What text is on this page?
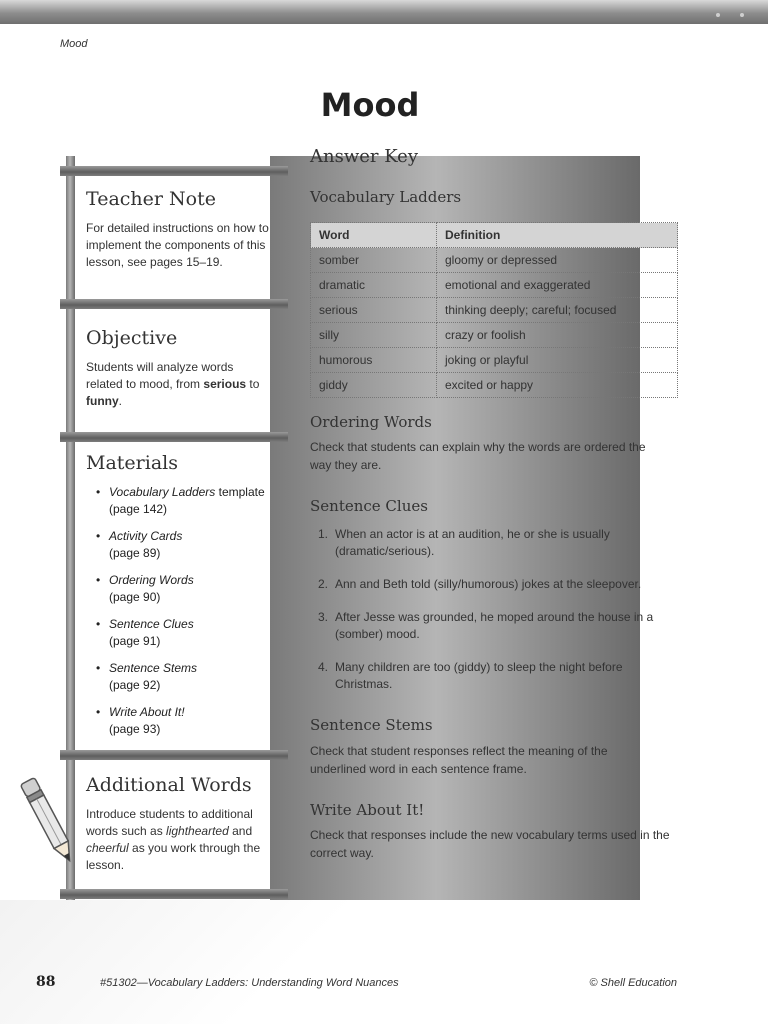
Mood
Mood
Teacher Note

For detailed instructions on how to implement the components of this lesson, see pages 15–19.

Objective

Students will analyze words related to mood, from serious to funny.

Materials
• Vocabulary Ladders template (page 142)
• Activity Cards
(page 89)
• Ordering Words
(page 90)
• Sentence Clues
(page 91)
• Sentence Stems
(page 92)
• Write About It!
(page 93)
Additional Words

Introduce students to additional words such as lighthearted and cheerful as you work through the lesson.

Answer Key
Vocabulary Ladders
Word	Definition
somber	gloomy or depressed
dramatic	emotional and exaggerated
serious	thinking deeply; careful; focused
silly	crazy or foolish
humorous	joking or playful
giddy	excited or happy
Ordering Words
Check that students can explain why the words are ordered the way they are.
Sentence Clues
1. When an actor is at an audition, he or she is usually (dramatic/serious).
2. Ann and Beth told (silly/humorous) jokes at the sleepover.
3. After Jesse was grounded, he moped around the house in a (somber) mood.
4. Many children are too (giddy) to sleep the night before Christmas.
Sentence Stems
Check that student responses reflect the meaning of the underlined word in each sentence frame.
Write About It!
Check that responses include the new vocabulary terms used in the correct way.
88	#51302—Vocabulary Ladders: Understanding Word Nuances	© Shell Education
